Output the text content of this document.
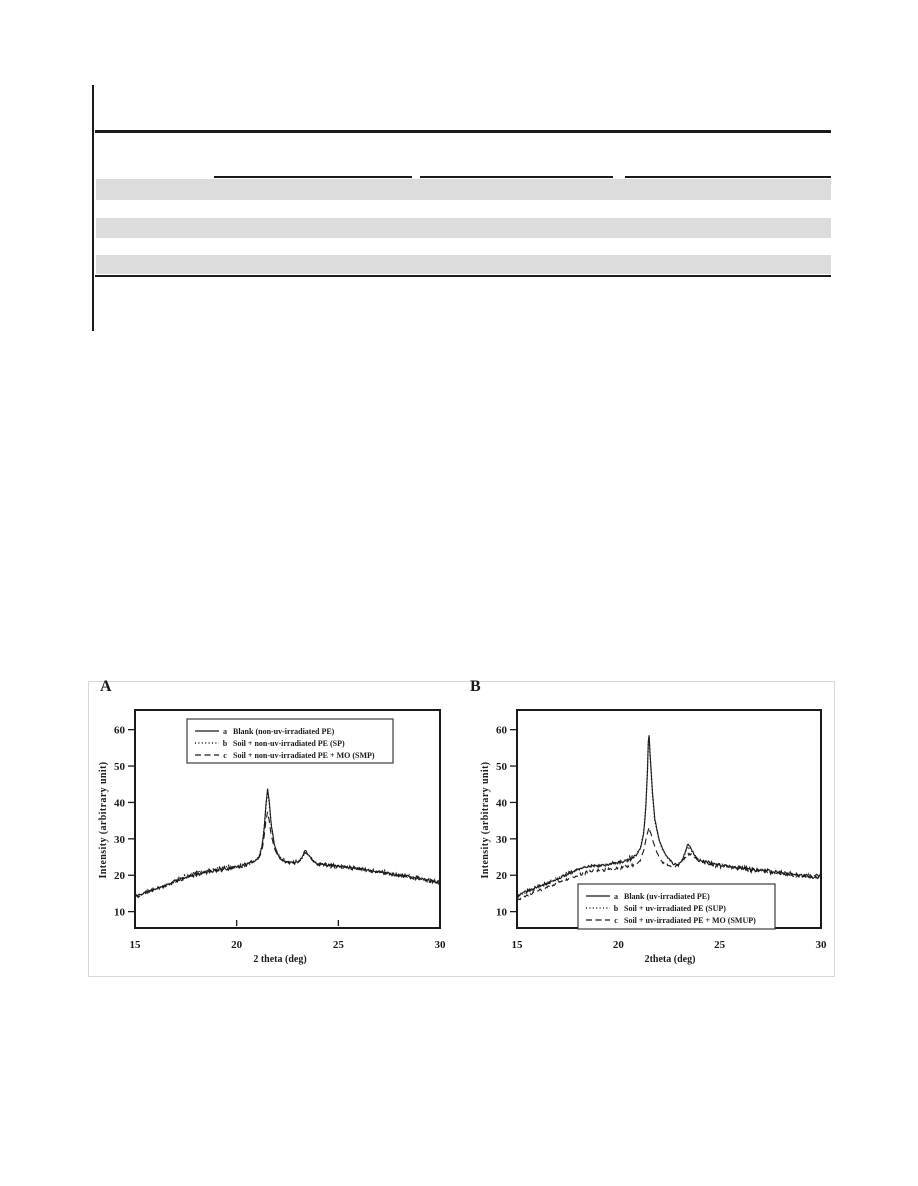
A	B
Intensity (arbitrary unit)	Intensity (arbitrary unit)
2 theta (deg)	2theta (deg)
15	20	25	30
10
20
30
40
50
60	a Blank (non-uv-irradiated PE)
b Soil + non-uv-irradiated PE (SP)
c Soil + non-uv-irradiated PE + MO (SMP)
15	20	25	30
10
20
30
40
50
60
a Blank (uv-irradiated PE)
b Soil + uv-irradiated PE (SUP)
c Soil + uv-irradiated PE + MO (SMUP)
